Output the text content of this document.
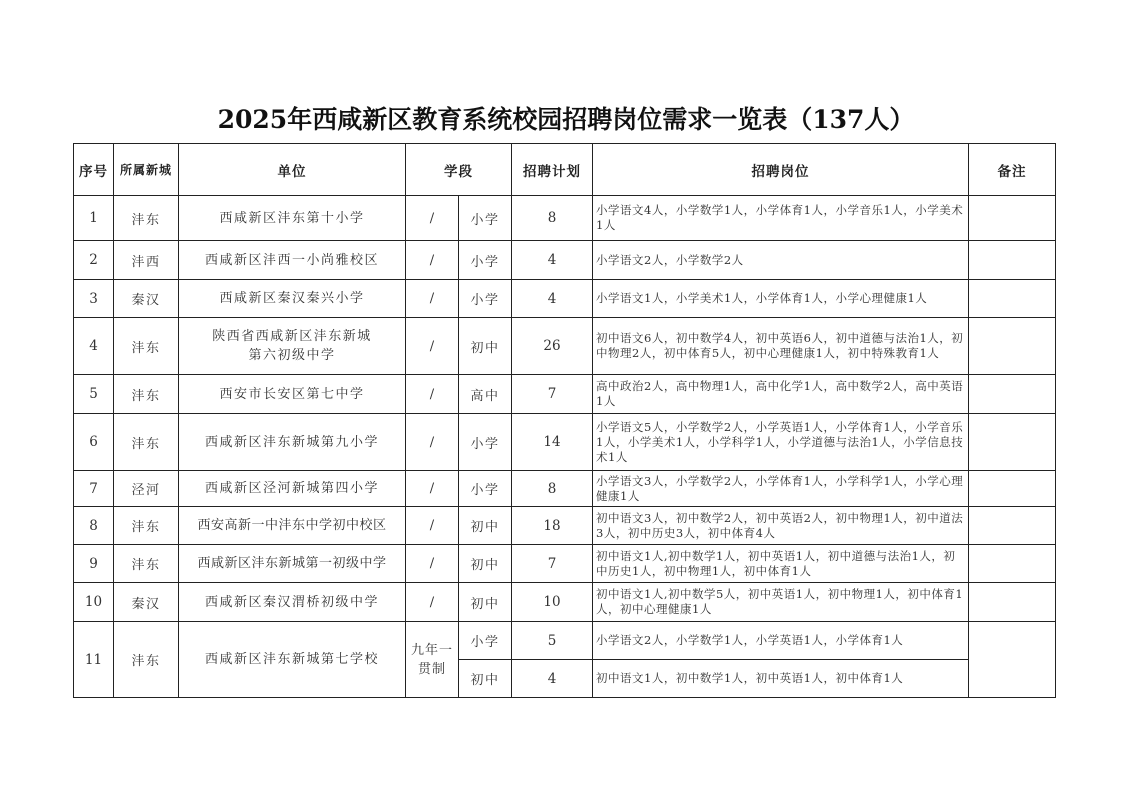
2025年西咸新区教育系统校园招聘岗位需求一览表（137人）
序号	所属新城	单位	学段		招聘计划	招聘岗位	备注
1	沣东	西咸新区沣东第十小学	/	小学	8	小学语文4人，小学数学1人，小学体育1人，小学音乐1人，小学美术1人	
2	沣西	西咸新区沣西一小尚雅校区	/	小学	4	小学语文2人，小学数学2人	
3	秦汉	西咸新区秦汉秦兴小学	/	小学	4	小学语文1人，小学美术1人，小学体育1人，小学心理健康1人	
4	沣东	陕西省西咸新区沣东新城第六初级中学	/	初中	26	初中语文6人，初中数学4人，初中英语6人，初中道德与法治1人，初中物理2人，初中体育5人，初中心理健康1人，初中特殊教育1人	
5	沣东	西安市长安区第七中学	/	高中	7	高中政治2人，高中物理1人，高中化学1人，高中数学2人，高中英语1人	
6	沣东	西咸新区沣东新城第九小学	/	小学	14	小学语文5人，小学数学2人，小学英语1人，小学体育1人，小学音乐1人，小学美术1人，小学科学1人，小学道德与法治1人，小学信息技术1人	
7	泾河	西咸新区泾河新城第四小学	/	小学	8	小学语文3人，小学数学2人，小学体育1人，小学科学1人，小学心理健康1人	
8	沣东	西安高新一中沣东中学初中校区	/	初中	18	初中语文3人，初中数学2人，初中英语2人，初中物理1人，初中道法3人，初中历史3人，初中体育4人	
9	沣东	西咸新区沣东新城第一初级中学	/	初中	7	初中语文1人,初中数学1人，初中英语1人，初中道德与法治1人，初中历史1人，初中物理1人，初中体育1人	
10	秦汉	西咸新区秦汉渭桥初级中学	/	初中	10	初中语文1人,初中数学5人，初中英语1人，初中物理1人，初中体育1人，初中心理健康1人	
11	沣东	西咸新区沣东新城第七学校	九年一贯制	小学	5	小学语文2人，小学数学1人，小学英语1人，小学体育1人	
				初中	4	初中语文1人，初中数学1人，初中英语1人，初中体育1人	
